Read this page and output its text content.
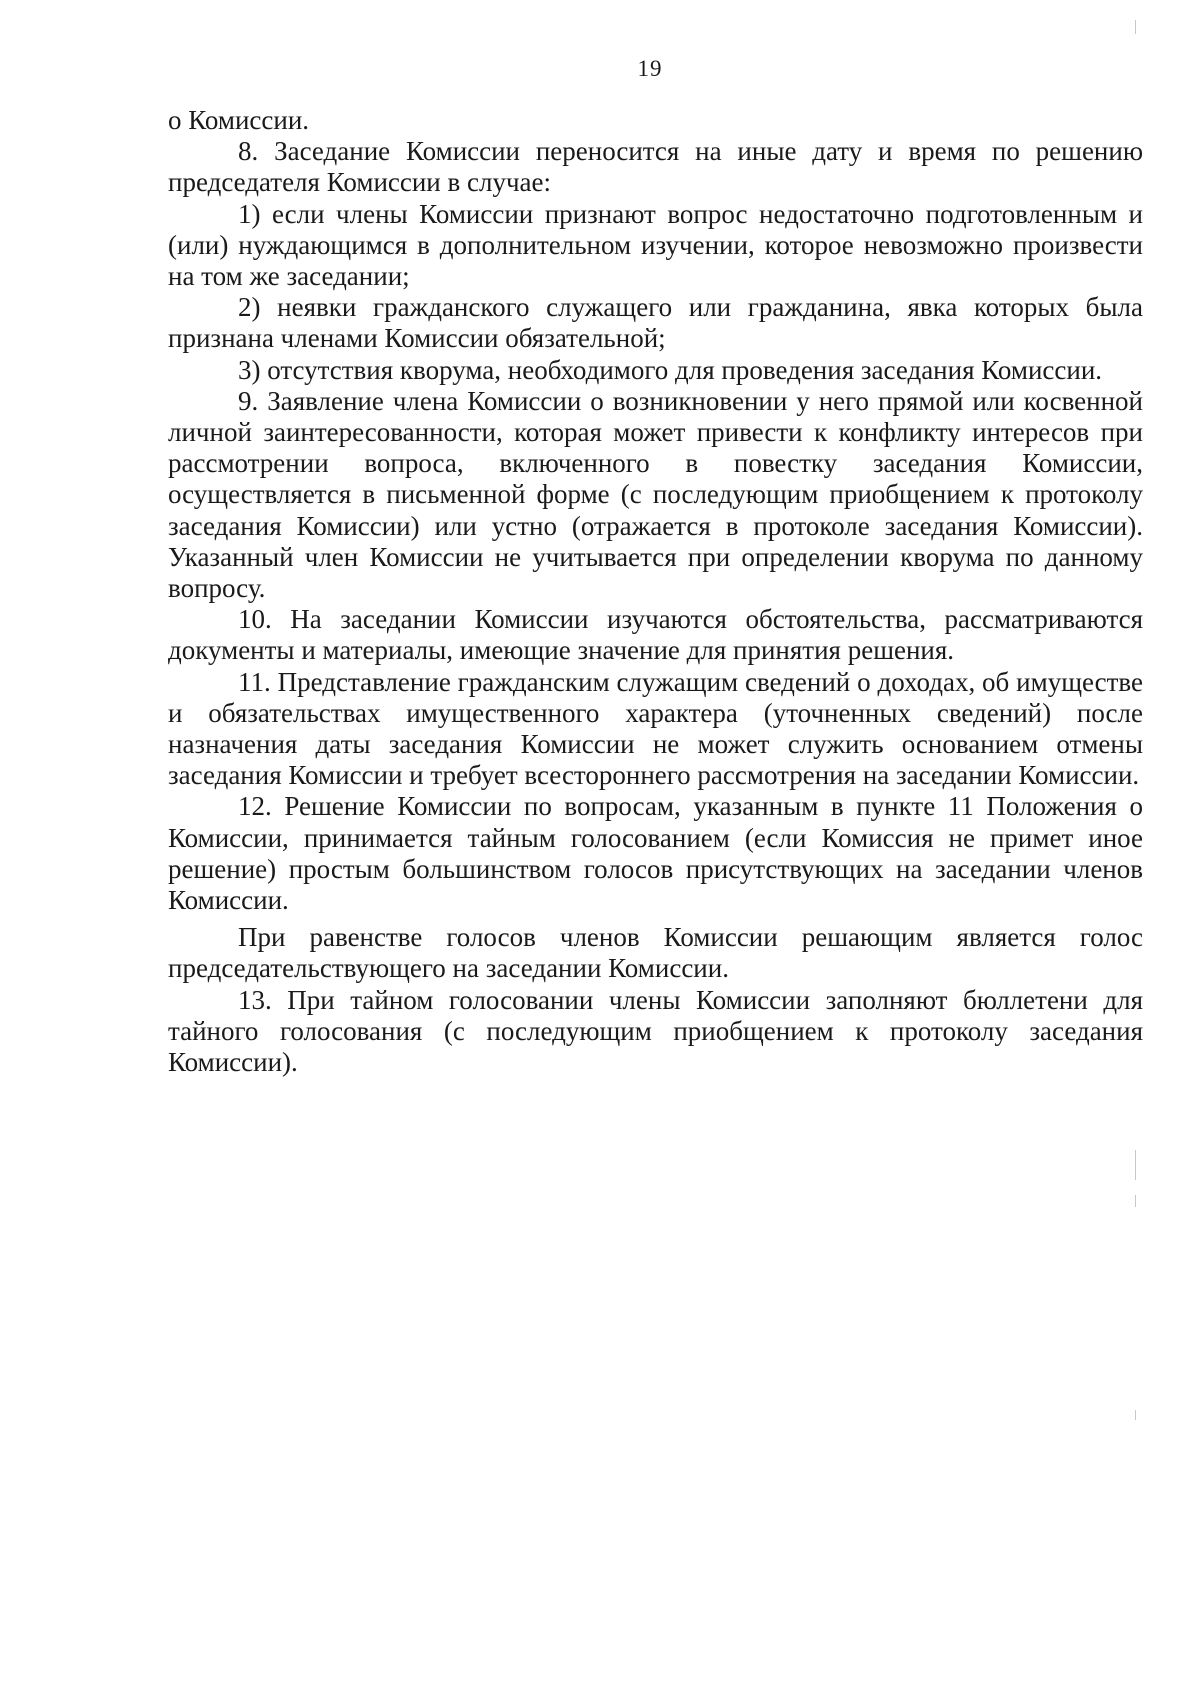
19

о Комиссии.

8. Заседание Комиссии переносится на иные дату и время по решению председателя Комиссии в случае:

1) если члены Комиссии признают вопрос недостаточно подготовленным и (или) нуждающимся в дополнительном изучении, которое невозможно произвести на том же заседании;

2) неявки гражданского служащего или гражданина, явка которых была признана членами Комиссии обязательной;

3) отсутствия кворума, необходимого для проведения заседания Комиссии.

9. Заявление члена Комиссии о возникновении у него прямой или косвенной личной заинтересованности, которая может привести к конфликту интересов при рассмотрении вопроса, включенного в повестку заседания Комиссии, осуществляется в письменной форме (с последующим приобщением к протоколу заседания Комиссии) или устно (отражается в протоколе заседания Комиссии). Указанный член Комиссии не учитывается при определении кворума по данному вопросу.

10. На заседании Комиссии изучаются обстоятельства, рассматриваются документы и материалы, имеющие значение для принятия решения.

11. Представление гражданским служащим сведений о доходах, об имуществе и обязательствах имущественного характера (уточненных сведений) после назначения даты заседания Комиссии не может служить основанием отмены заседания Комиссии и требует всестороннего рассмотрения на заседании Комиссии.

12. Решение Комиссии по вопросам, указанным в пункте 11 Положения о Комиссии, принимается тайным голосованием (если Комиссия не примет иное решение) простым большинством голосов присутствующих на заседании членов Комиссии.

При равенстве голосов членов Комиссии решающим является голос председательствующего на заседании Комиссии.

13. При тайном голосовании члены Комиссии заполняют бюллетени для тайного голосования (с последующим приобщением к протоколу заседания Комиссии).
